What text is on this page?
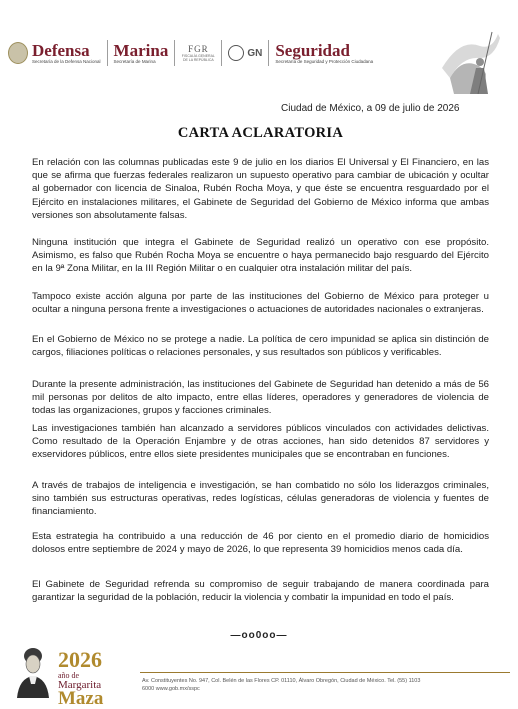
Defensa
Secretaría de la Defensa Nacional
Marina
Secretaría de Marina
FGR
FISCALÍA GENERAL DE LA REPÚBLICA
GN Seguridad
Secretaría de Seguridad y Protección Ciudadana
Ciudad de México, a 09 de julio de 2026
CARTA ACLARATORIA

En relación con las columnas publicadas este 9 de julio en los diarios El Universal y El Financiero, en las que se afirma que fuerzas federales realizaron un supuesto operativo para cambiar de ubicación y ocultar al gobernador con licencia de Sinaloa, Rubén Rocha Moya, y que éste se encuentra resguardado por el Ejército en instalaciones militares, el Gabinete de Seguridad del Gobierno de México informa que ambas versiones son absolutamente falsas.

Ninguna institución que integra el Gabinete de Seguridad realizó un operativo con ese propósito. Asimismo, es falso que Rubén Rocha Moya se encuentre o haya permanecido bajo resguardo del Ejército en la 9ª Zona Militar, en la III Región Militar o en cualquier otra instalación militar del país.

Tampoco existe acción alguna por parte de las instituciones del Gobierno de México para proteger u ocultar a ninguna persona frente a investigaciones o actuaciones de autoridades nacionales o extranjeras.

En el Gobierno de México no se protege a nadie. La política de cero impunidad se aplica sin distinción de cargos, filiaciones políticas o relaciones personales, y sus resultados son públicos y verificables.

Durante la presente administración, las instituciones del Gabinete de Seguridad han detenido a más de 56 mil personas por delitos de alto impacto, entre ellas líderes, operadores y generadores de violencia de todas las organizaciones, grupos y facciones criminales.

Las investigaciones también han alcanzado a servidores públicos vinculados con actividades delictivas. Como resultado de la Operación Enjambre y de otras acciones, han sido detenidos 87 servidores y exservidores públicos, entre ellos siete presidentes municipales que se encontraban en funciones.

A través de trabajos de inteligencia e investigación, se han combatido no sólo los liderazgos criminales, sino también sus estructuras operativas, redes logísticas, células generadoras de violencia y fuentes de financiamiento.

Esta estrategia ha contribuido a una reducción de 46 por ciento en el promedio diario de homicidios dolosos entre septiembre de 2024 y mayo de 2026, lo que representa 39 homicidios menos cada día.

El Gabinete de Seguridad refrenda su compromiso de seguir trabajando de manera coordinada para garantizar la seguridad de la población, reducir la violencia y combatir la impunidad en todo el país.

—oo0oo—
2026
año de
Margarita
Maza
Av. Constituyentes No. 947, Col. Belén de las Flores CP. 01110, Álvaro Obregón, Ciudad de México. Tel. (55) 1103
6000 www.gob.mx/sspc
